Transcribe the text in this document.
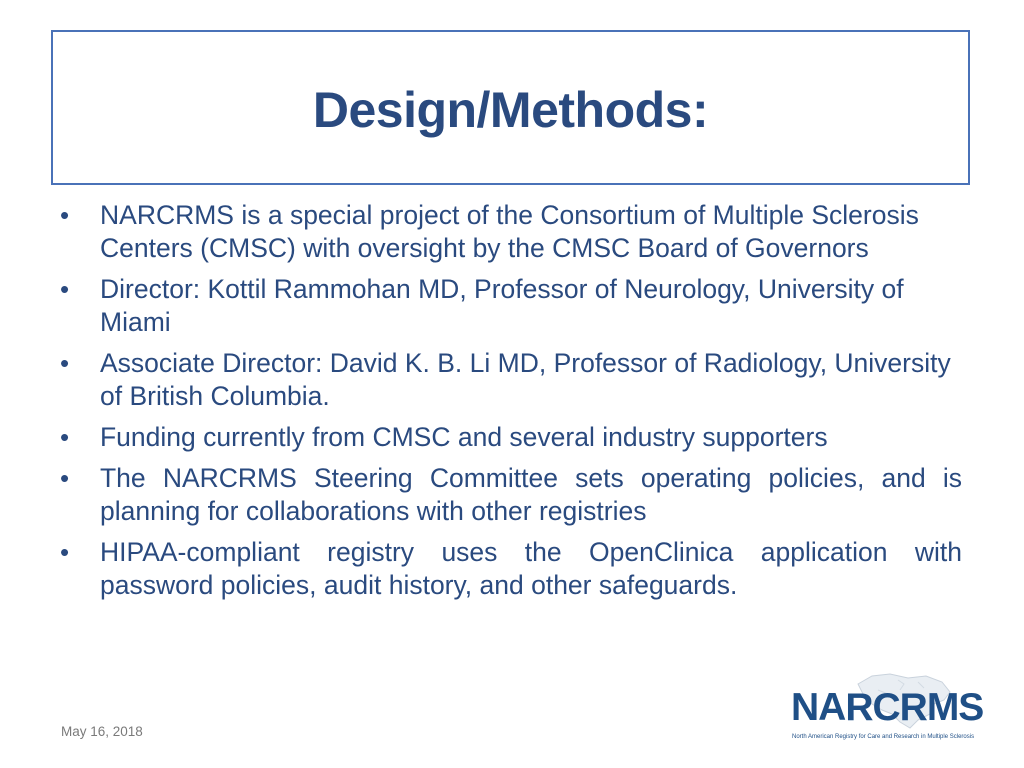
Design/Methods:
• NARCRMS is a special project of the Consortium of Multiple Sclerosis Centers (CMSC) with oversight by the CMSC Board of Governors
• Director: Kottil Rammohan MD, Professor of Neurology, University of Miami
• Associate Director: David K. B. Li MD, Professor of Radiology, University of British Columbia.
• Funding currently from CMSC and several industry supporters
• The NARCRMS Steering Committee sets operating policies, and is planning for collaborations with other registries
• HIPAA-compliant registry uses the OpenClinica application with password policies, audit history, and other safeguards.
May 16, 2018
NARCRMS
North American Registry for Care and Research in Multiple Sclerosis
